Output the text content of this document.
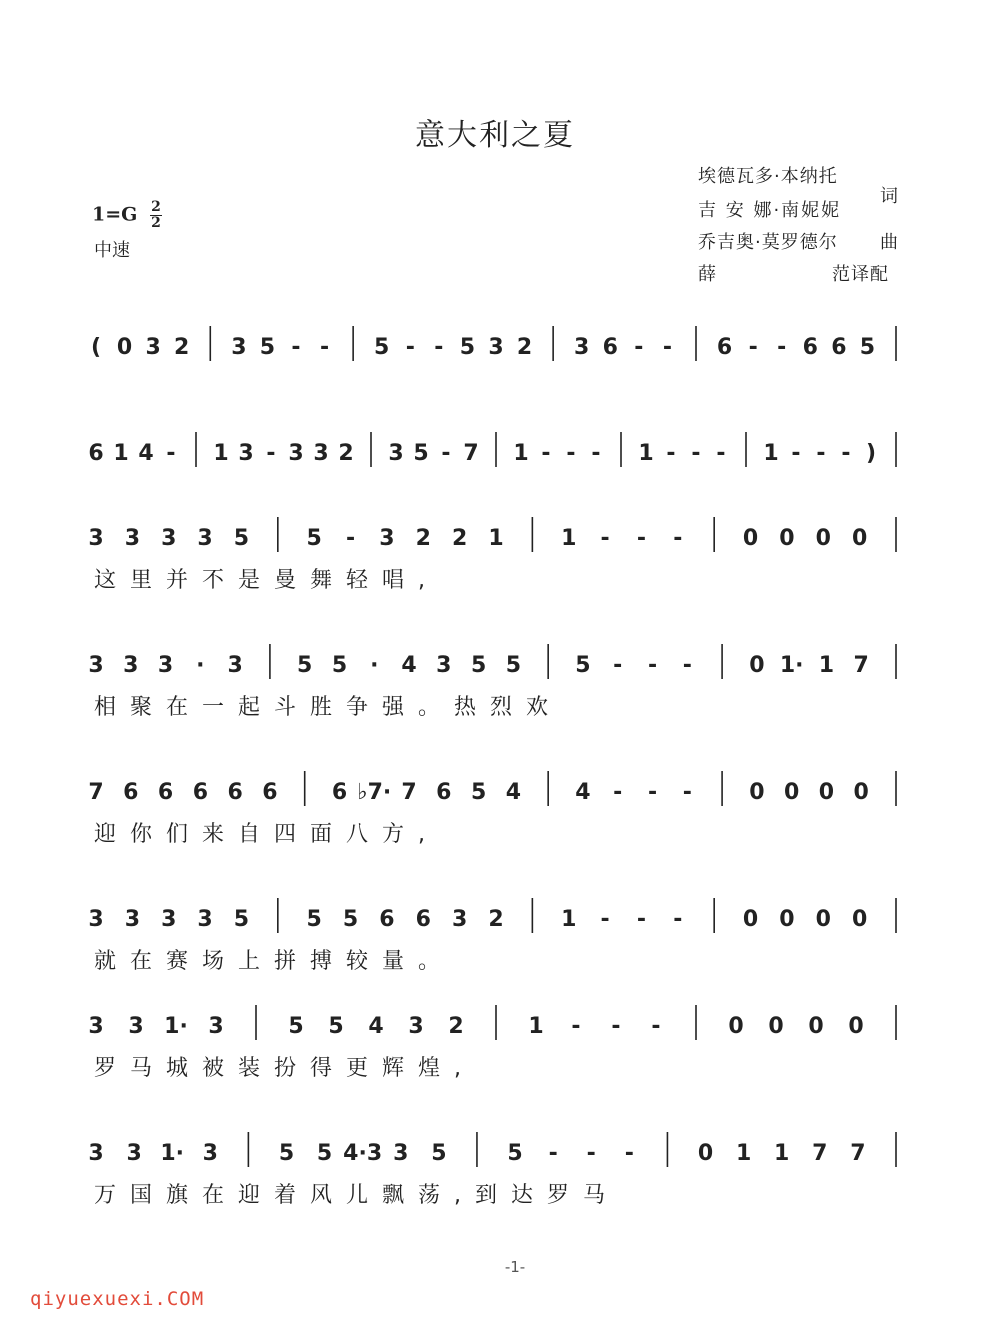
意大利之夏
埃德瓦多·本纳托
词
吉 安 娜·南妮妮
乔吉奥·莫罗德尔 曲
薛	范译配
$1=G \frac{2}{2}$
中速
( 0 3 2 3 5 - - 5 - - 5 3 2 3 6 - - 6 - - 6 6 5
6 1 4 - 1 3 - 3 3 2 3 5 - 7 1 - - - 1 - - - 1 - - - )
3 3 3 3 5	5 - 3 2 2 1	1 - - -	0 0 0 0
这里并不是曼舞轻唱,
3 3 3 · 3 5 5 · 4 3 5 5 5 - - -	0 1· 1 7
相聚在一起斗胜争强。热烈欢
7 6 6 6 6 6 6 ♭7· 7 6 5 4 4 - - -	0 0 0 0
迎你们来自四面八方,
3 3 3 3 5	5 5 6 6 3 2	1 - - -	0 0 0 0
就在赛场上拼搏较量。
3 3 1· 3	5 5 4 3 2	1 - - -	0 0 0 0
罗马城被装扮得更辉煌,
3 3 1· 3	5 5 4·3 3 5	5 - - -	0 1 1 7 7
万国旗在迎着风儿飘荡,到达罗马
-1-
qiyuexuexi.COM
